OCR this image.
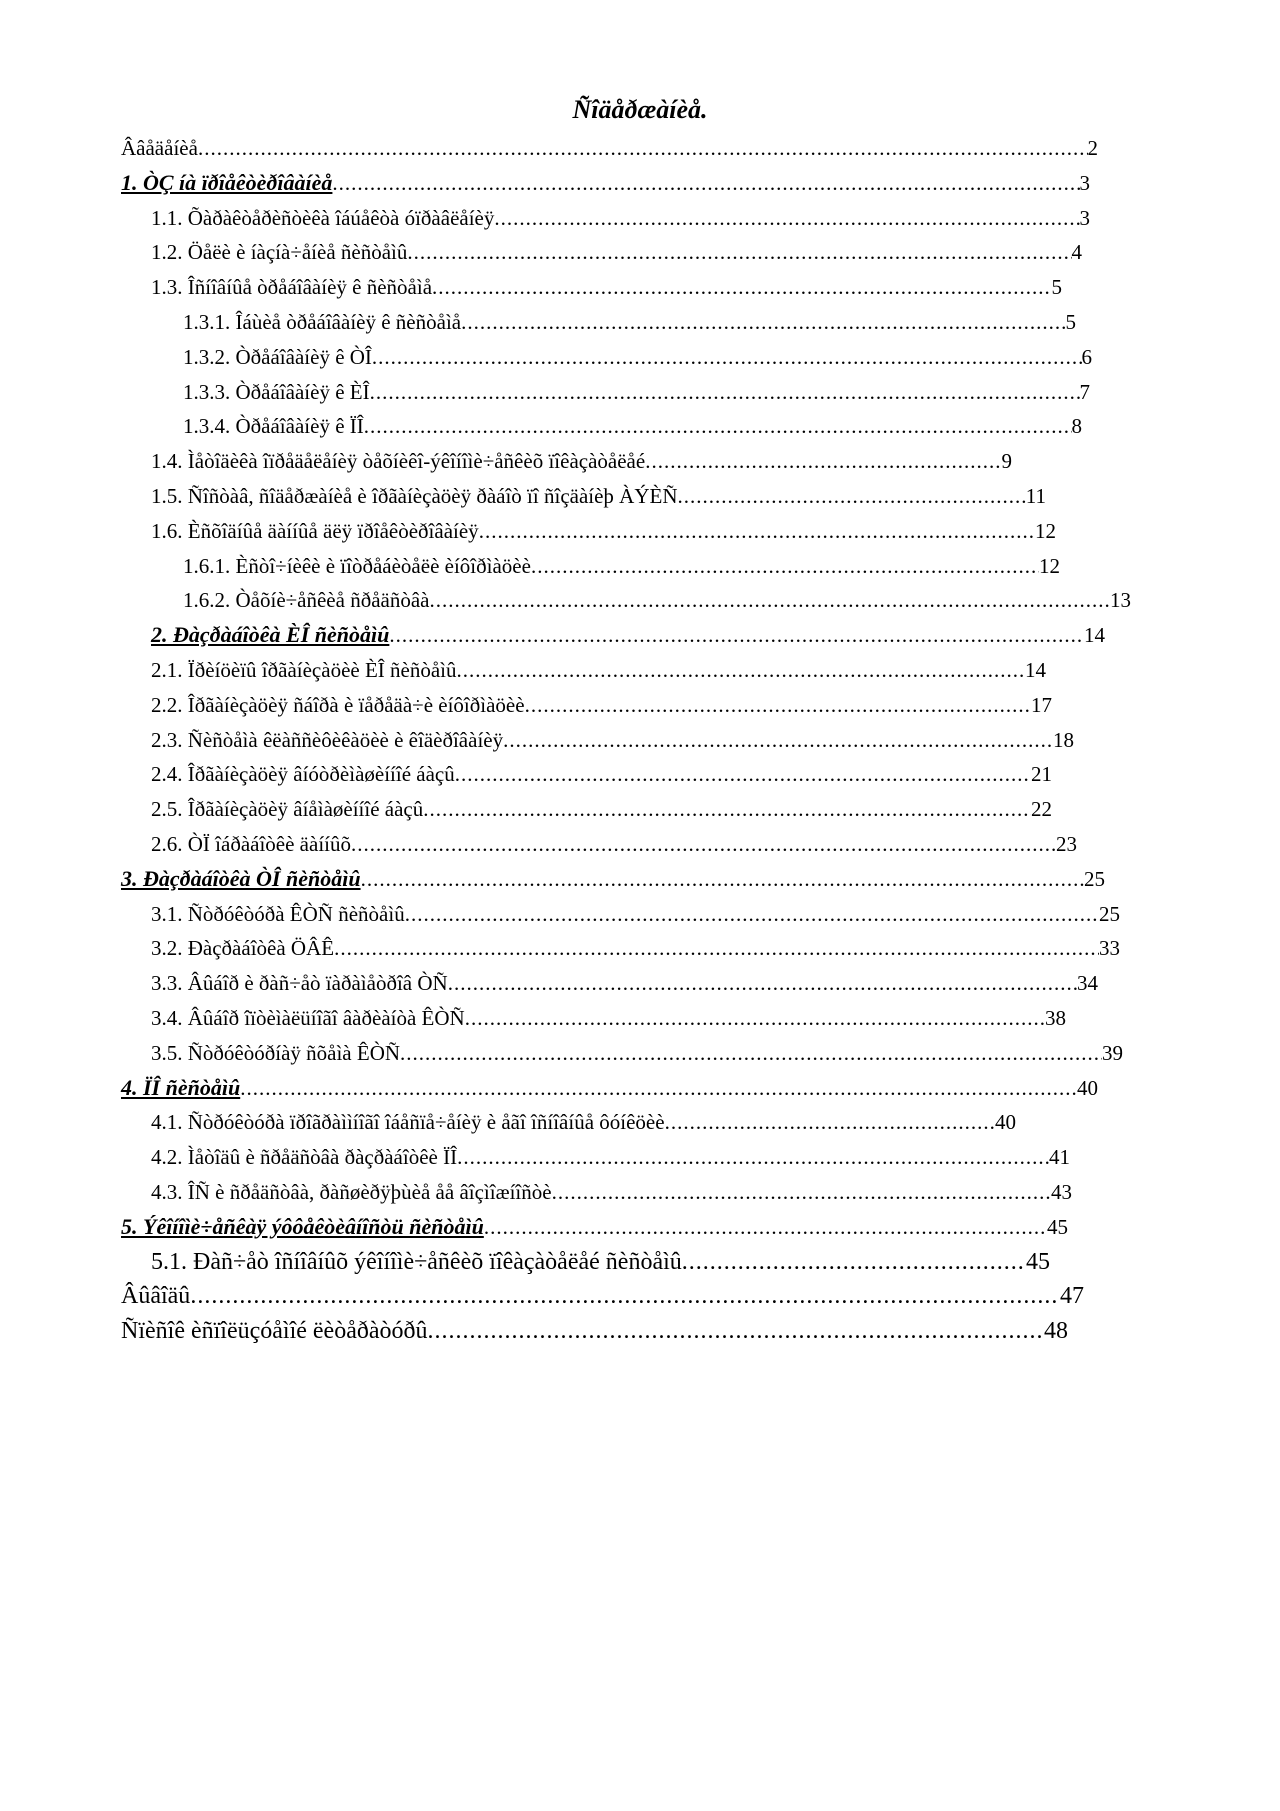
Ñîäåðæàíèå.
Ââåäåíèå .....	2
1. ÒÇ íà ïðîåêòèðîâàíèå .....	3
1.1. Õàðàêòåðèñòèêà îáúåêòà óïðàâëåíèÿ .....	3
1.2. Öåëè è íàçíà÷åíèå ñèñòåìû .....	4
1.3. Îñíîâíûå òðåáîâàíèÿ ê ñèñòåìå .....	5
1.3.1. Îáùèå òðåáîâàíèÿ ê ñèñòåìå .....	5
1.3.2. Òðåáîâàíèÿ ê ÒÎ .....	6
1.3.3. Òðåáîâàíèÿ ê ÈÎ .....	7
1.3.4. Òðåáîâàíèÿ ê ÏÎ .....	8
1.4. Ìåòîäèêà îïðåäåëåíèÿ òåõíèêî-ýêîíîìè÷åñêèõ ïîêàçàòåëåé .....	9
1.5. Ñîñòàâ, ñîäåðæàíèå è îðãàíèçàöèÿ ðàáîò ïî ñîçäàíèþ ÀÝÈÑ .....	11
1.6. Èñõîäíûå äàííûå äëÿ ïðîåêòèðîâàíèÿ .....	12
1.6.1. Èñòî÷íèêè è ïîòðåáèòåëè èíôîðìàöèè .....	12
1.6.2. Òåõíè÷åñêèå ñðåäñòâà .....	13
2. Ðàçðàáîòêà ÈÎ ñèñòåìû .....	14
2.1. Ïðèíöèïû îðãàíèçàöèè ÈÎ ñèñòåìû .....	14
2.2. Îðãàíèçàöèÿ ñáîðà è ïåðåäà÷è èíôîðìàöèè .....	17
2.3. Ñèñòåìà êëàññèôèêàöèè è êîäèðîâàíèÿ .....	18
2.4. Îðãàíèçàöèÿ âíóòðèìàøèííîé áàçû .....	21
2.5. Îðãàíèçàöèÿ âíåìàøèííîé áàçû .....	22
2.6. ÒÏ îáðàáîòêè äàííûõ .....	23
3. Ðàçðàáîòêà ÒÎ ñèñòåìû .....	25
3.1. Ñòðóêòóðà ÊÒÑ ñèñòåìû .....	25
3.2. Ðàçðàáîòêà ÖÂÊ .....	33
3.3. Âûáîð è ðàñ÷åò ïàðàìåòðîâ ÒÑ .....	34
3.4. Âûáîð îïòèìàëüíîãî âàðèàíòà ÊÒÑ .....	38
3.5. Ñòðóêòóðíàÿ ñõåìà ÊÒÑ .....	39
4. ÏÎ ñèñòåìû .....	40
4.1. Ñòðóêòóðà ïðîãðàììíîãî îáåñïå÷åíèÿ è åãî îñíîâíûå ôóíêöèè .....	40
4.2. Ìåòîäû è ñðåäñòâà ðàçðàáîòêè ÏÎ .....	41
4.3. ÎÑ è ñðåäñòâà, ðàñøèðÿþùèå åå âîçìîæíîñòè .....	43
5. Ýêîíîìè÷åñêàÿ ýôôåêòèâíîñòü ñèñòåìû .....	45
5.1. Ðàñ÷åò îñíîâíûõ ýêîíîìè÷åñêèõ ïîêàçàòåëåé ñèñòåìû .....	45
Âûâîäû .....	47
Ñïèñîê èñïîëüçóåìîé ëèòåðàòóðû .....	48
